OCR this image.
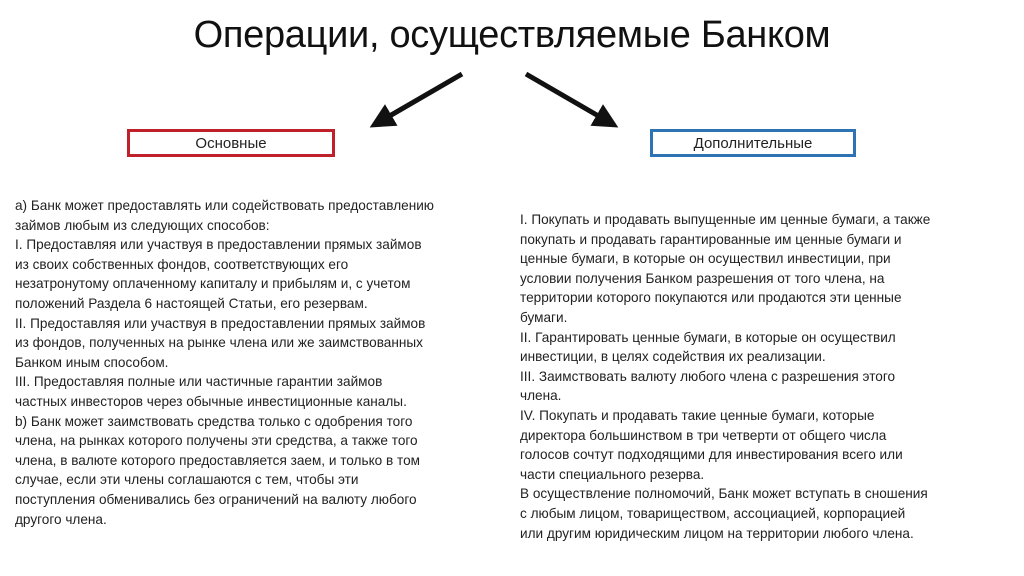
Операции, осуществляемые Банком
Основные	Дополнительные

а) Банк может предоставлять или содействовать предоставлению

займов любым из следующих способов:

I. Предоставляя или участвуя в предоставлении прямых займов

из своих собственных фондов, соответствующих его

незатронутому оплаченному капиталу и прибылям и, с учетом

положений Раздела 6 настоящей Статьи, его резервам.

II. Предоставляя или участвуя в предоставлении прямых займов

из фондов, полученных на рынке члена или же заимствованных

Банком иным способом.

III. Предоставляя полные или частичные гарантии займов

частных инвесторов через обычные инвестиционные каналы.

b) Банк может заимствовать средства только с одобрения того

члена, на рынках которого получены эти средства, а также того

члена, в валюте которого предоставляется заем, и только в том

случае, если эти члены соглашаются с тем, чтобы эти

поступления обменивались без ограничений на валюту любого

другого члена.

I. Покупать и продавать выпущенные им ценные бумаги, а также

покупать и продавать гарантированные им ценные бумаги и

ценные бумаги, в которые он осуществил инвестиции, при

условии получения Банком разрешения от того члена, на

территории которого покупаются или продаются эти ценные

бумаги.

II. Гарантировать ценные бумаги, в которые он осуществил

инвестиции, в целях содействия их реализации.

III. Заимствовать валюту любого члена с разрешения этого

члена.

IV. Покупать и продавать такие ценные бумаги, которые

директора большинством в три четверти от общего числа

голосов сочтут подходящими для инвестирования всего или

части специального резерва.

В осуществление полномочий, Банк может вступать в сношения

с любым лицом, товариществом, ассоциацией, корпорацией

или другим юридическим лицом на территории любого члена.
